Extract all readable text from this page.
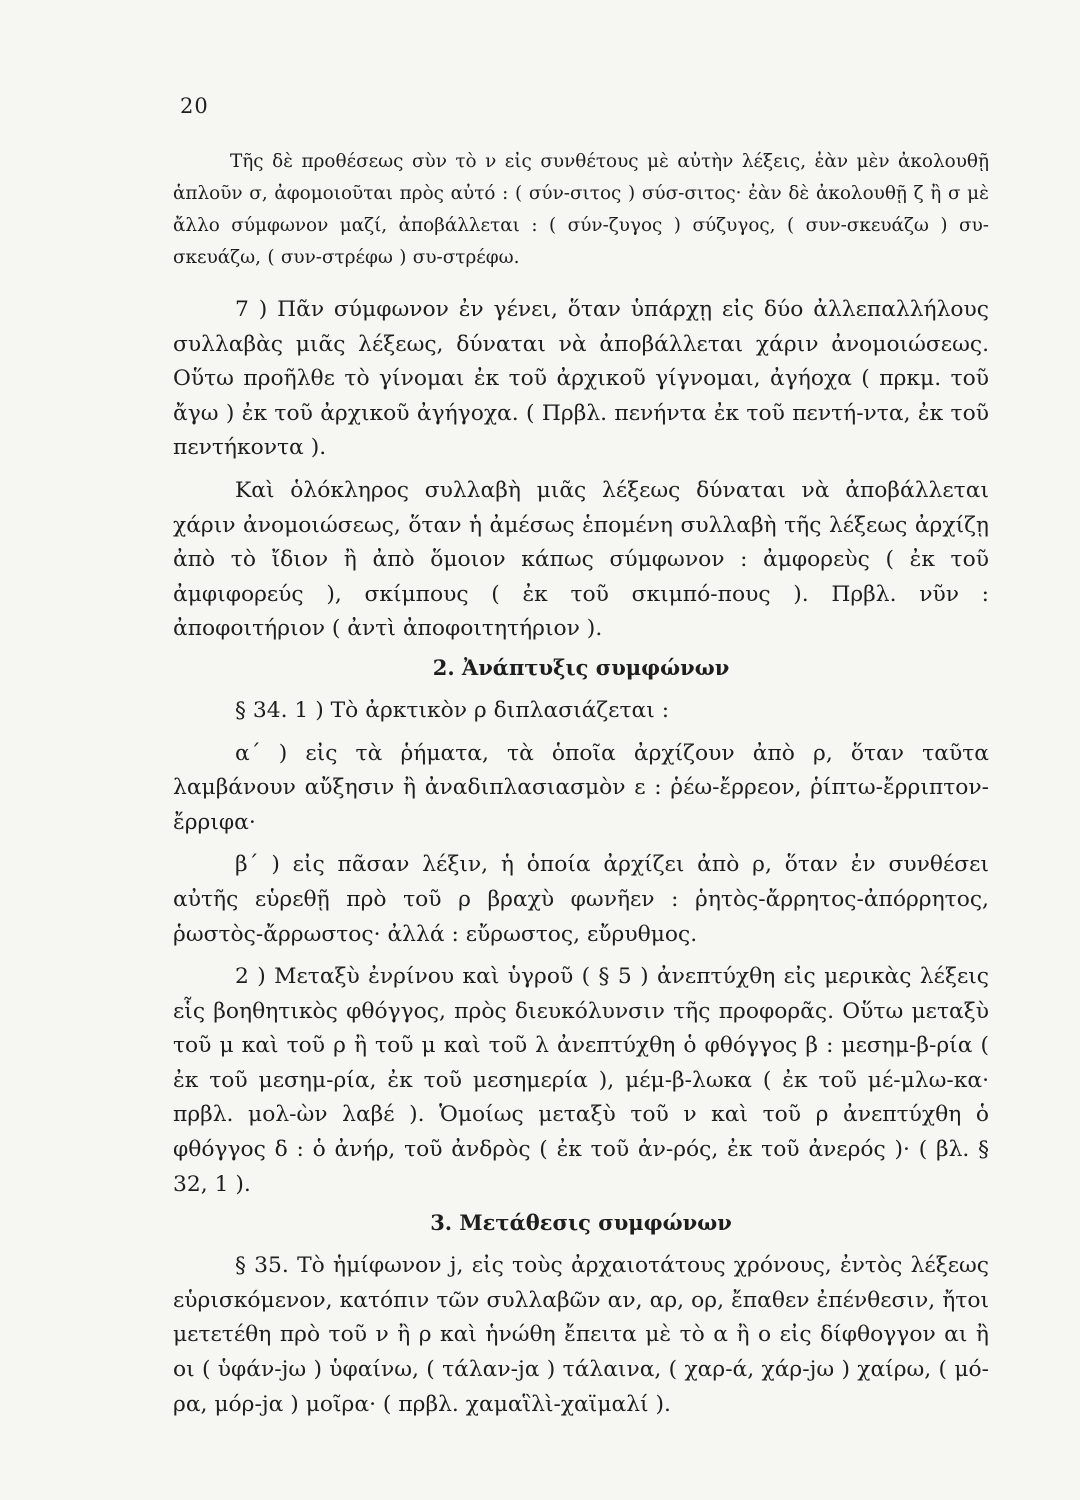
20

Τῆς δὲ προθέσεως σὺν τὸ ν εἰς συνθέτους μὲ αὐτὴν λέξεις, ἐὰν μὲν ἀκολουθῇ ἁπλοῦν σ, ἀφομοιοῦται πρὸς αὐτό : ( σύν-σιτος ) σύσ-σιτος· ἐὰν δὲ ἀκολουθῇ ζ ἢ σ μὲ ἄλλο σύμφωνον μαζί, ἀποβάλλεται : ( σύν-ζυγος ) σύζυγος, ( συν-σκευάζω ) συ-σκευάζω, ( συν-στρέφω ) συ-στρέφω.

7 ) Πᾶν σύμφωνον ἐν γένει, ὅταν ὑπάρχῃ εἰς δύο ἀλλεπαλλήλους συλλαβὰς μιᾶς λέξεως, δύναται νὰ ἀποβάλλεται χάριν ἀνομοιώσεως. Οὕτω προῆλθε τὸ γίνομαι ἐκ τοῦ ἀρχικοῦ γίγνομαι, ἀγήοχα ( πρκμ. τοῦ ἄγω ) ἐκ τοῦ ἀρχικοῦ ἀγήγοχα. ( Πρβλ. πενήντα ἐκ τοῦ πεντή-ντα, ἐκ τοῦ πεντήκοντα ).

Καὶ ὁλόκληρος συλλαβὴ μιᾶς λέξεως δύναται νὰ ἀποβάλλεται χάριν ἀνομοιώσεως, ὅταν ἡ ἀμέσως ἑπομένη συλλαβὴ τῆς λέξεως ἀρχίζῃ ἀπὸ τὸ ἴδιον ἢ ἀπὸ ὅμοιον κάπως σύμφωνον : ἀμφορεὺς ( ἐκ τοῦ ἀμφιφορεύς ), σκίμπους ( ἐκ τοῦ σκιμπό-πους ). Πρβλ. νῦν : ἀποφοιτήριον ( ἀντὶ ἀποφοιτητήριον ).

2. Ἀνάπτυξις συμφώνων

§ 34. 1 ) Τὸ ἀρκτικὸν ρ διπλασιάζεται :

α΄ ) εἰς τὰ ῥήματα, τὰ ὁποῖα ἀρχίζουν ἀπὸ ρ, ὅταν ταῦτα λαμβάνουν αὔξησιν ἢ ἀναδιπλασιασμὸν ε : ῥέω-ἔρρεον, ῥίπτω-ἔρριπτον-ἔρριφα·

β΄ ) εἰς πᾶσαν λέξιν, ἡ ὁποία ἀρχίζει ἀπὸ ρ, ὅταν ἐν συνθέσει αὐτῆς εὑρεθῇ πρὸ τοῦ ρ βραχὺ φωνῆεν : ῥητὸς-ἄρρητος-ἀπόρρητος, ῥωστὸς-ἄρρωστος· ἀλλά : εὔρωστος, εὔρυθμος.

2 ) Μεταξὺ ἐνρίνου καὶ ὑγροῦ ( § 5 ) ἀνεπτύχθη εἰς μερικὰς λέξεις εἷς βοηθητικὸς φθόγγος, πρὸς διευκόλυνσιν τῆς προφορᾶς. Οὕτω μεταξὺ τοῦ μ καὶ τοῦ ρ ἢ τοῦ μ καὶ τοῦ λ ἀνεπτύχθη ὁ φθόγγος β : μεσημ-β-ρία ( ἐκ τοῦ μεσημ-ρία, ἐκ τοῦ μεσημερία ), μέμ-β-λωκα ( ἐκ τοῦ μέ-μλω-κα· πρβλ. μολ-ὼν λαβέ ). Ὁμοίως μεταξὺ τοῦ ν καὶ τοῦ ρ ἀνεπτύχθη ὁ φθόγγος δ : ὁ ἀνήρ, τοῦ ἀνδρὸς ( ἐκ τοῦ ἀν-ρός, ἐκ τοῦ ἀνερός )· ( βλ. § 32, 1 ).

3. Μετάθεσις συμφώνων

§ 35. Τὸ ἡμίφωνον j, εἰς τοὺς ἀρχαιοτάτους χρόνους, ἐντὸς λέξεως εὑρισκόμενον, κατόπιν τῶν συλλαβῶν αν, αρ, ορ, ἔπαθεν ἐπένθεσιν, ἤτοι μετετέθη πρὸ τοῦ ν ἢ ρ καὶ ἡνώθη ἔπειτα μὲ τὸ α ἢ ο εἰς δίφθογγον αι ἢ οι ( ὑφάν-jω ) ὑφαίνω, ( τάλαν-jα ) τάλαινα, ( χαρ-ά, χάρ-jω ) χαίρω, ( μό-ρα, μόρ-jα ) μοῖρα· ( πρβλ. χαμαἳλὶ-χαϊμαλί ).
